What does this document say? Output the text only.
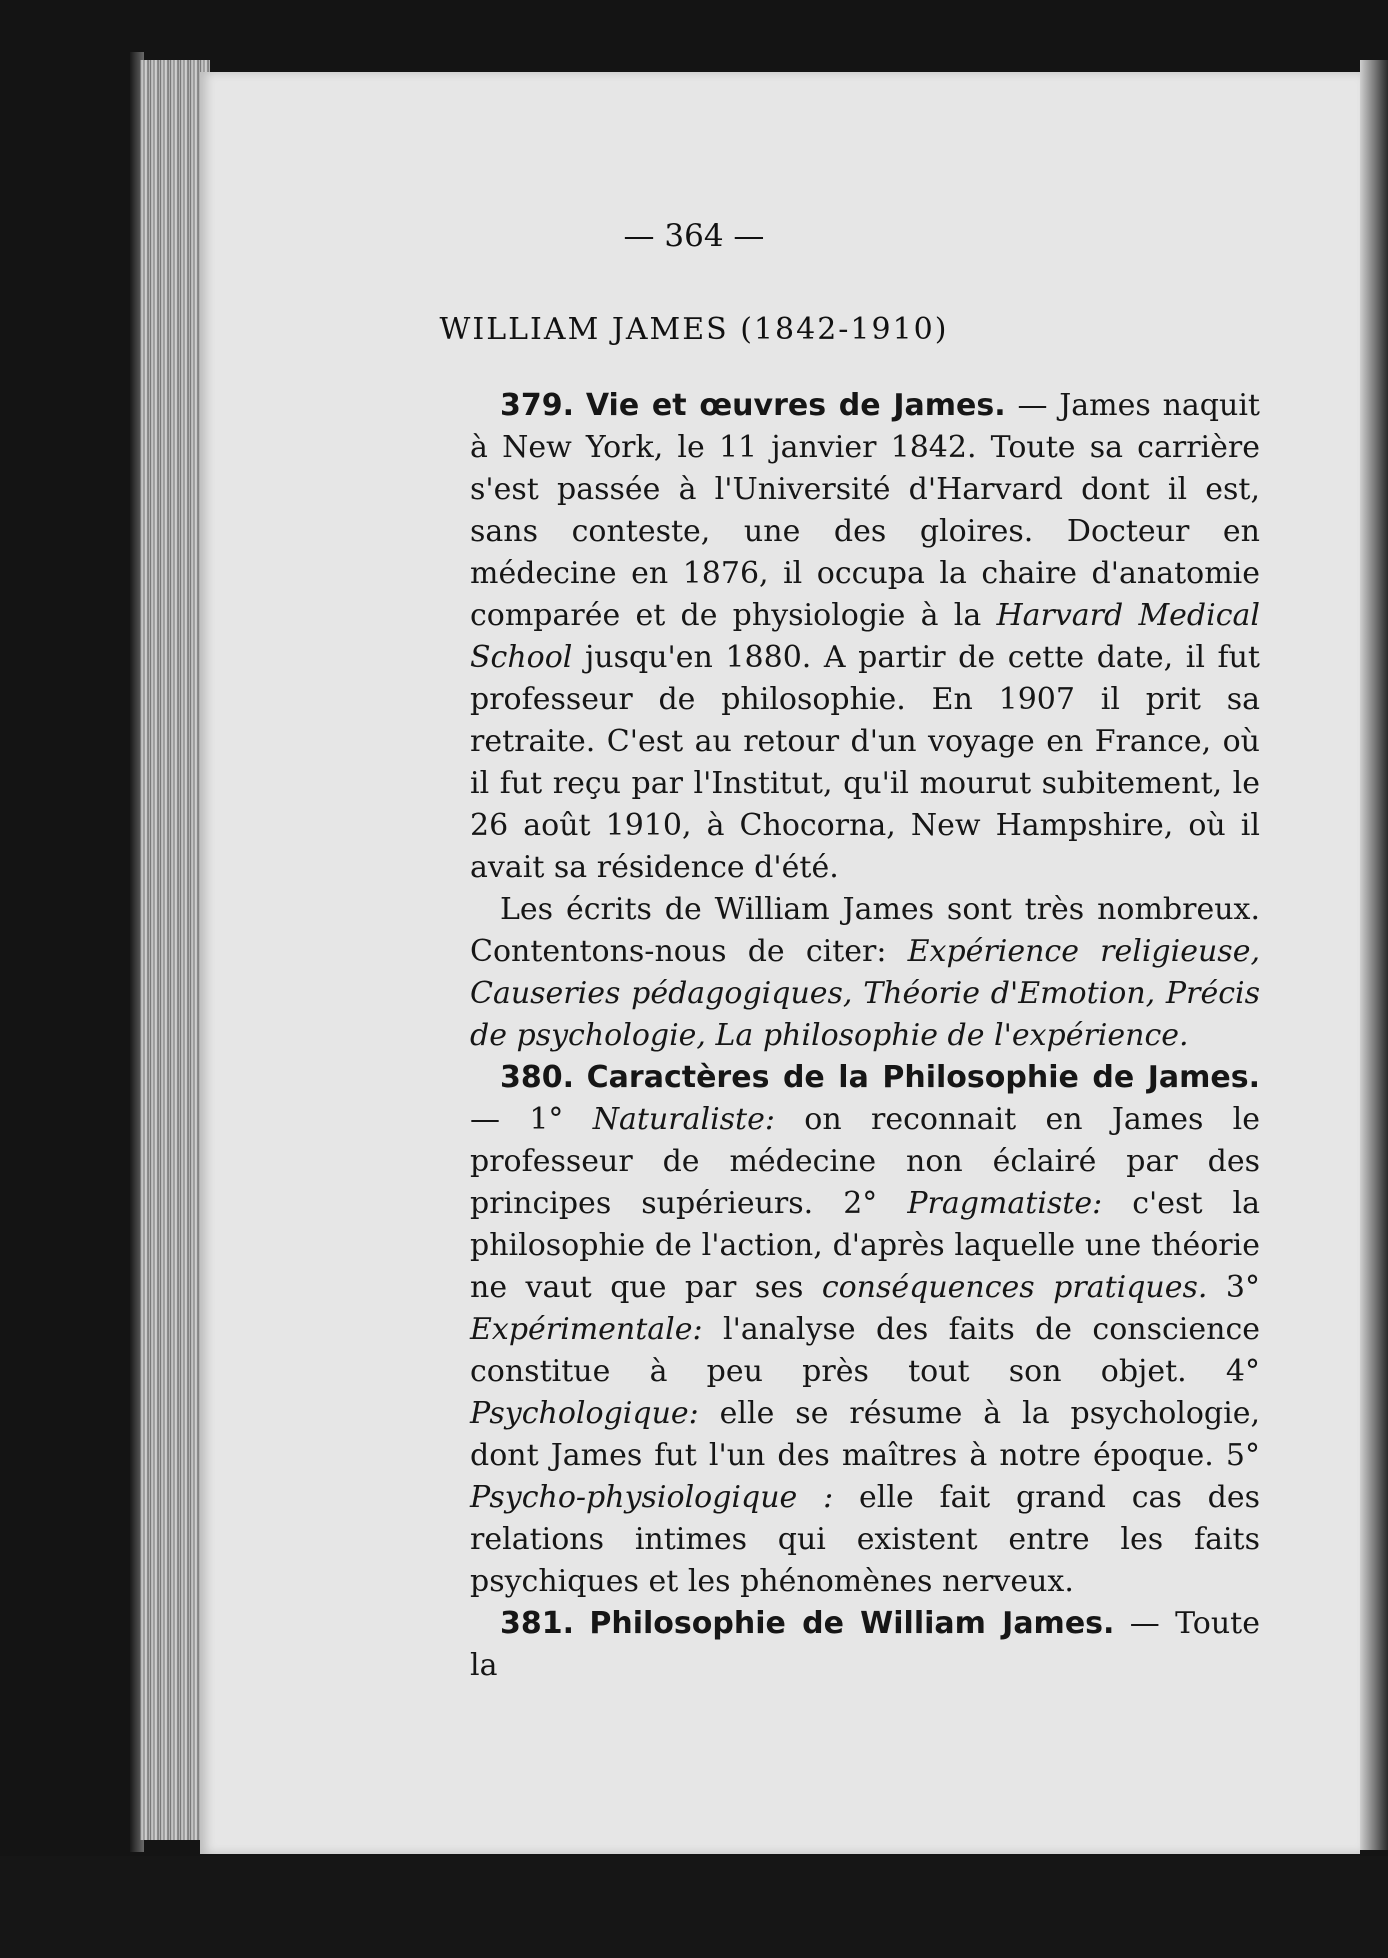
— 364 —
WILLIAM JAMES (1842-1910)

379. Vie et œuvres de James. — James naquit à New York, le 11 janvier 1842. Toute sa carrière s'est passée à l'Université d'Harvard dont il est, sans conteste, une des gloires. Docteur en médecine en 1876, il occupa la chaire d'anatomie comparée et de physiologie à la Harvard Medical School jusqu'en 1880. A partir de cette date, il fut professeur de philosophie. En 1907 il prit sa retraite. C'est au retour d'un voyage en France, où il fut reçu par l'Institut, qu'il mourut subitement, le 26 août 1910, à Chocorna, New Hampshire, où il avait sa résidence d'été.

Les écrits de William James sont très nombreux. Contentons-nous de citer: Expérience religieuse, Causeries pédagogiques, Théorie d'Emotion, Précis de psychologie, La philosophie de l'expérience.

380. Caractères de la Philosophie de James.— 1° Naturaliste: on reconnait en James le professeur de médecine non éclairé par des principes supérieurs. 2° Pragmatiste: c'est la philosophie de l'action, d'après laquelle une théorie ne vaut que par ses conséquences pratiques. 3° Expérimentale: l'analyse des faits de conscience constitue à peu près tout son objet. 4° Psychologique: elle se résume à la psychologie, dont James fut l'un des maîtres à notre époque. 5° Psycho-physiologique : elle fait grand cas des relations intimes qui existent entre les faits psychiques et les phénomènes nerveux.

381. Philosophie de William James. — Toute la
